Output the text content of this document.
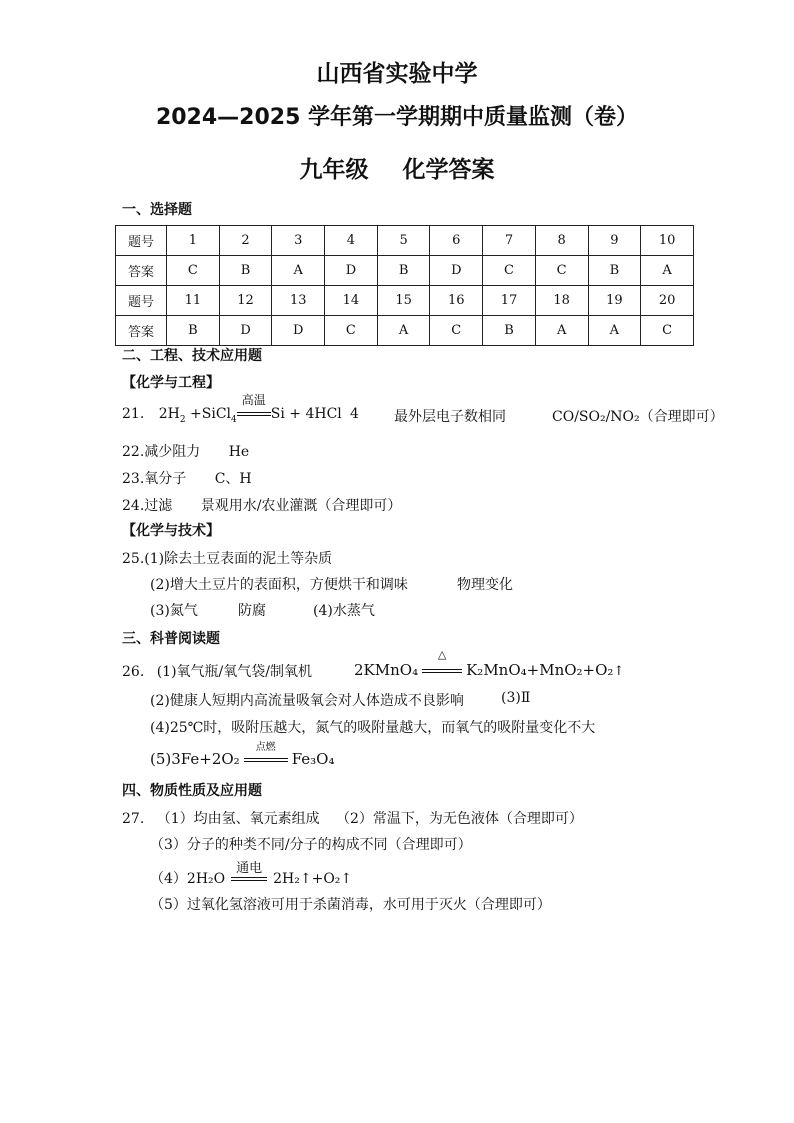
山西省实验中学
2024—2025 学年第一学期期中质量监测（卷）
九年级 化学答案
一、选择题
题号	1	2	3	4	5	6	7	8	9	10
答案	C	B	A	D	B	D	C	C	B	A
题号	11	12	13	14	15	16	17	18	19	20
答案	B	D	D	C	A	C	B	A	A	C
二、工程、技术应用题
【化学与工程】
21. $2H_2$ +SiCl$_4$
高温
Si + 4HCl 4	最外层电子数相同	CO/SO₂/NO₂（合理即可）
22.减少阻力 He
23.氧分子 C、H
24.过滤 景观用水/农业灌溉（合理即可）
【化学与技术】
25.(1)除去土豆表面的泥土等杂质
(2)增大土豆片的表面积，方便烘干和调味	物理变化
(3)氮气	防腐	(4)水蒸气
三、科普阅读题
26. (1)氧气瓶/氧气袋/制氧机	2KMnO₄
△
K₂MnO₄+MnO₂+O₂↑
(2)健康人短期内高流量吸氧会对人体造成不良影响	(3)Ⅱ
(4)25℃时，吸附压越大，氮气的吸附量越大，而氧气的吸附量变化不大
(5)3Fe+2O₂
点燃
Fe₃O₄
四、物质性质及应用题
27. （1）均由氢、氧元素组成 （2）常温下，为无色液体（合理即可）
（3）分子的种类不同/分子的构成不同（合理即可）
（4）2H₂O
通电
2H₂↑+O₂↑
（5）过氧化氢溶液可用于杀菌消毒，水可用于灭火（合理即可）
